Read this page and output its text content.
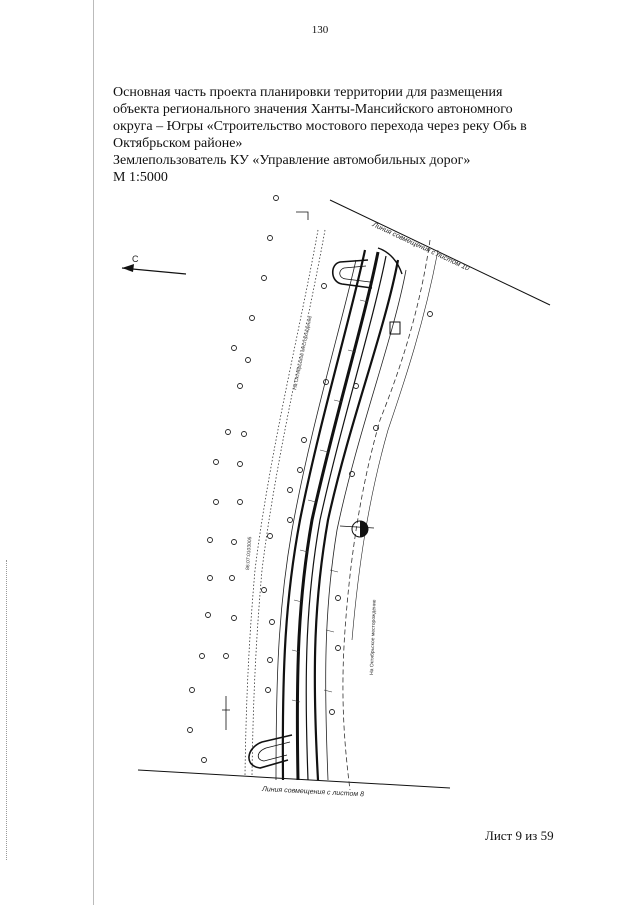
130

Основная часть проекта планировки территории для размещения

объекта регионального значения Ханты-Мансийского автономного

округа – Югры «Строительство мостового перехода через реку Обь в

Октябрьском районе»

Землепользователь КУ «Управление автомобильных дорог»

М 1:5000

С	Линия совмещения с листом 10
Линия совмещения с листом 8
На Октябрьское месторождение
На Октябрьское месторождение
86:07:0103005
Лист 9 из 59
